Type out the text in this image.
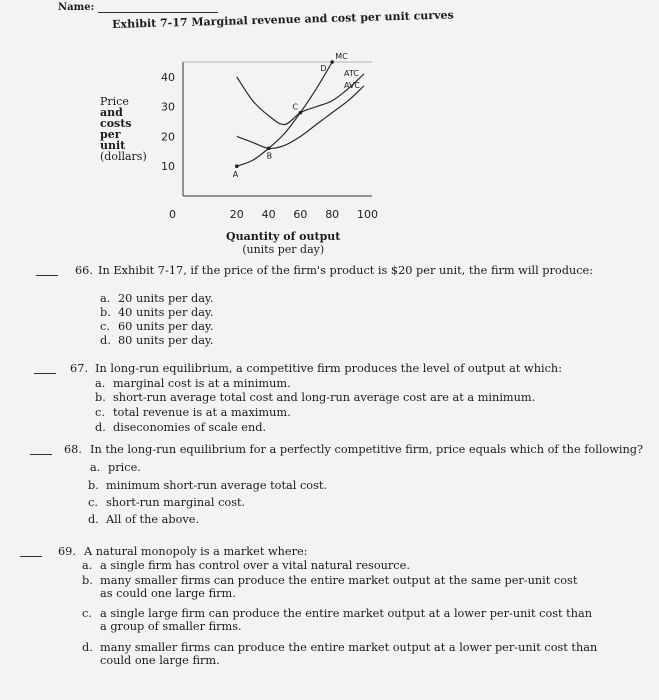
Name:
Exhibit 7-17 Marginal revenue and cost per unit curves
Price
and
costs
per
unit
(dollars)
A
B
C
D
MC
ATC
AVC
40
30
20
10
0	20 40 60 80 100
Quantity of output
(units per day)
66. In Exhibit 7-17, if the price of the firm's product is $20 per unit, the firm will produce:
a. 20 units per day.
b. 40 units per day.
c. 60 units per day.
d. 80 units per day.
67. In long-run equilibrium, a competitive firm produces the level of output at which:
a. marginal cost is at a minimum.
b. short-run average total cost and long-run average cost are at a minimum.
c. total revenue is at a maximum.
d. diseconomies of scale end.
68. In the long-run equilibrium for a perfectly competitive firm, price equals which of the following?
a. price.
b. minimum short-run average total cost.
c. short-run marginal cost.
d. All of the above.
69. A natural monopoly is a market where:
a. a single firm has control over a vital natural resource.
b. many smaller firms can produce the entire market output at the same per-unit cost as could one large firm.
c. a single large firm can produce the entire market output at a lower per-unit cost than a group of smaller firms.
d. many smaller firms can produce the entire market output at a lower per-unit cost than could one large firm.
